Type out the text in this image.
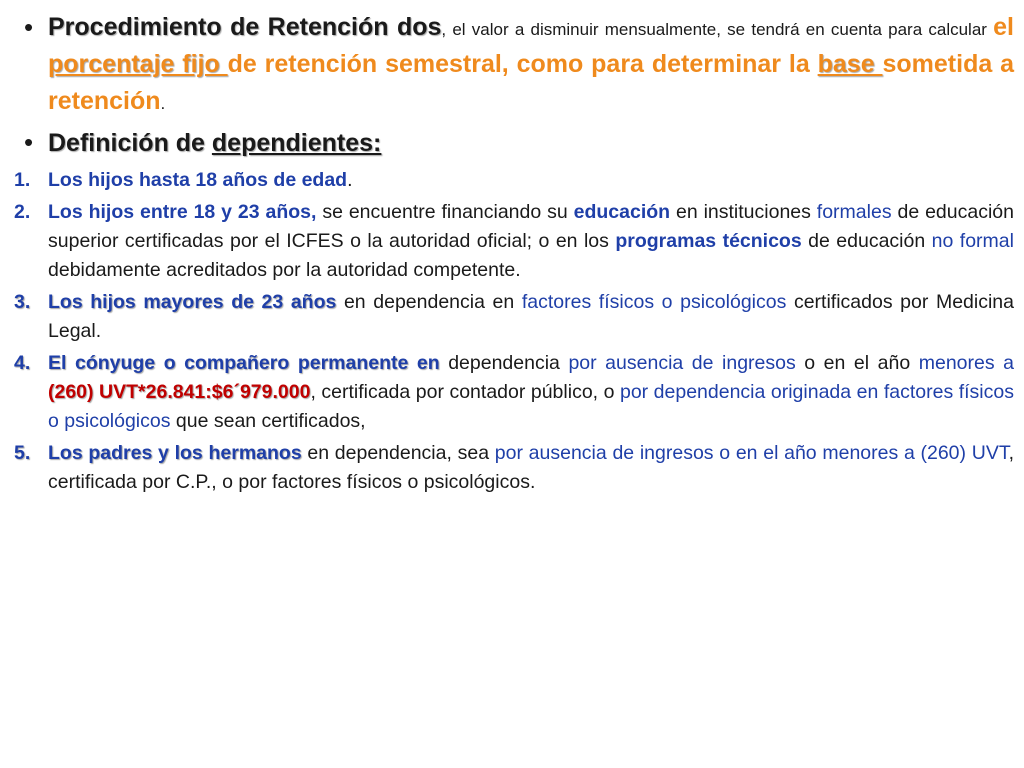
• Procedimiento de Retención dos, el valor a disminuir mensualmente, se tendrá en cuenta para calcular el porcentaje fijo de retención semestral, como para determinar la base sometida a retención.
• Definición de dependientes:
1. Los hijos hasta 18 años de edad.
2. Los hijos entre 18 y 23 años, se encuentre financiando su educación en instituciones formales de educación superior certificadas por el ICFES o la autoridad oficial; o en los programas técnicos de educación no formal debidamente acreditados por la autoridad competente.
3. Los hijos mayores de 23 años en dependencia en factores físicos o psicológicos certificados por Medicina Legal.
4. El cónyuge o compañero permanente en dependencia por ausencia de ingresos o en el año menores a (260) UVT*26.841:$6´979.000, certificada por contador público, o por dependencia originada en factores físicos o psicológicos que sean certificados,
5. Los padres y los hermanos en dependencia, sea por ausencia de ingresos o en el año menores a (260) UVT, certificada por C.P., o por factores físicos o psicológicos.
